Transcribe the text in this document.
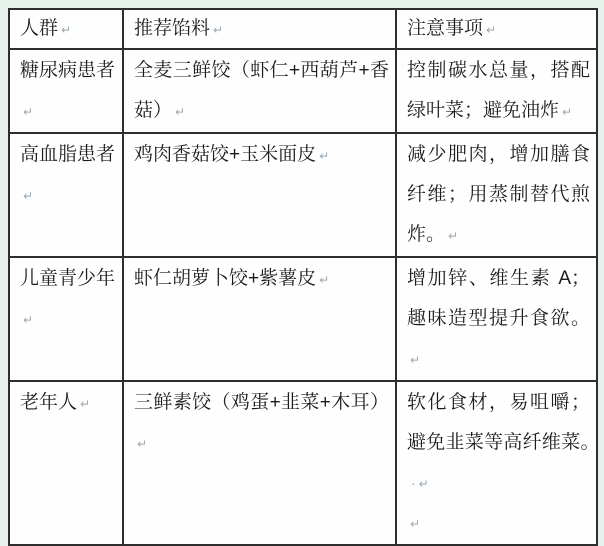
人群 ↵	推荐馅料 ↵	注意事项 ↵
糖尿病患者↵	全麦三鲜饺（虾仁+西葫芦+香菇） ↵	控制碳水总量，搭配绿叶菜；避免油炸 ↵
高血脂患者↵	鸡肉香菇饺+玉米面皮 ↵	减少肥肉，增加膳食纤维；用蒸制替代煎炸。 ↵
儿童青少年↵	虾仁胡萝卜饺+紫薯皮 ↵	增加锌、维生素 A；趣味造型提升食欲。↵
老年人 ↵	三鲜素饺（鸡蛋+韭菜+木耳）↵	软化食材，易咀嚼；避免韭菜等高纤维菜。· ↵
↵
